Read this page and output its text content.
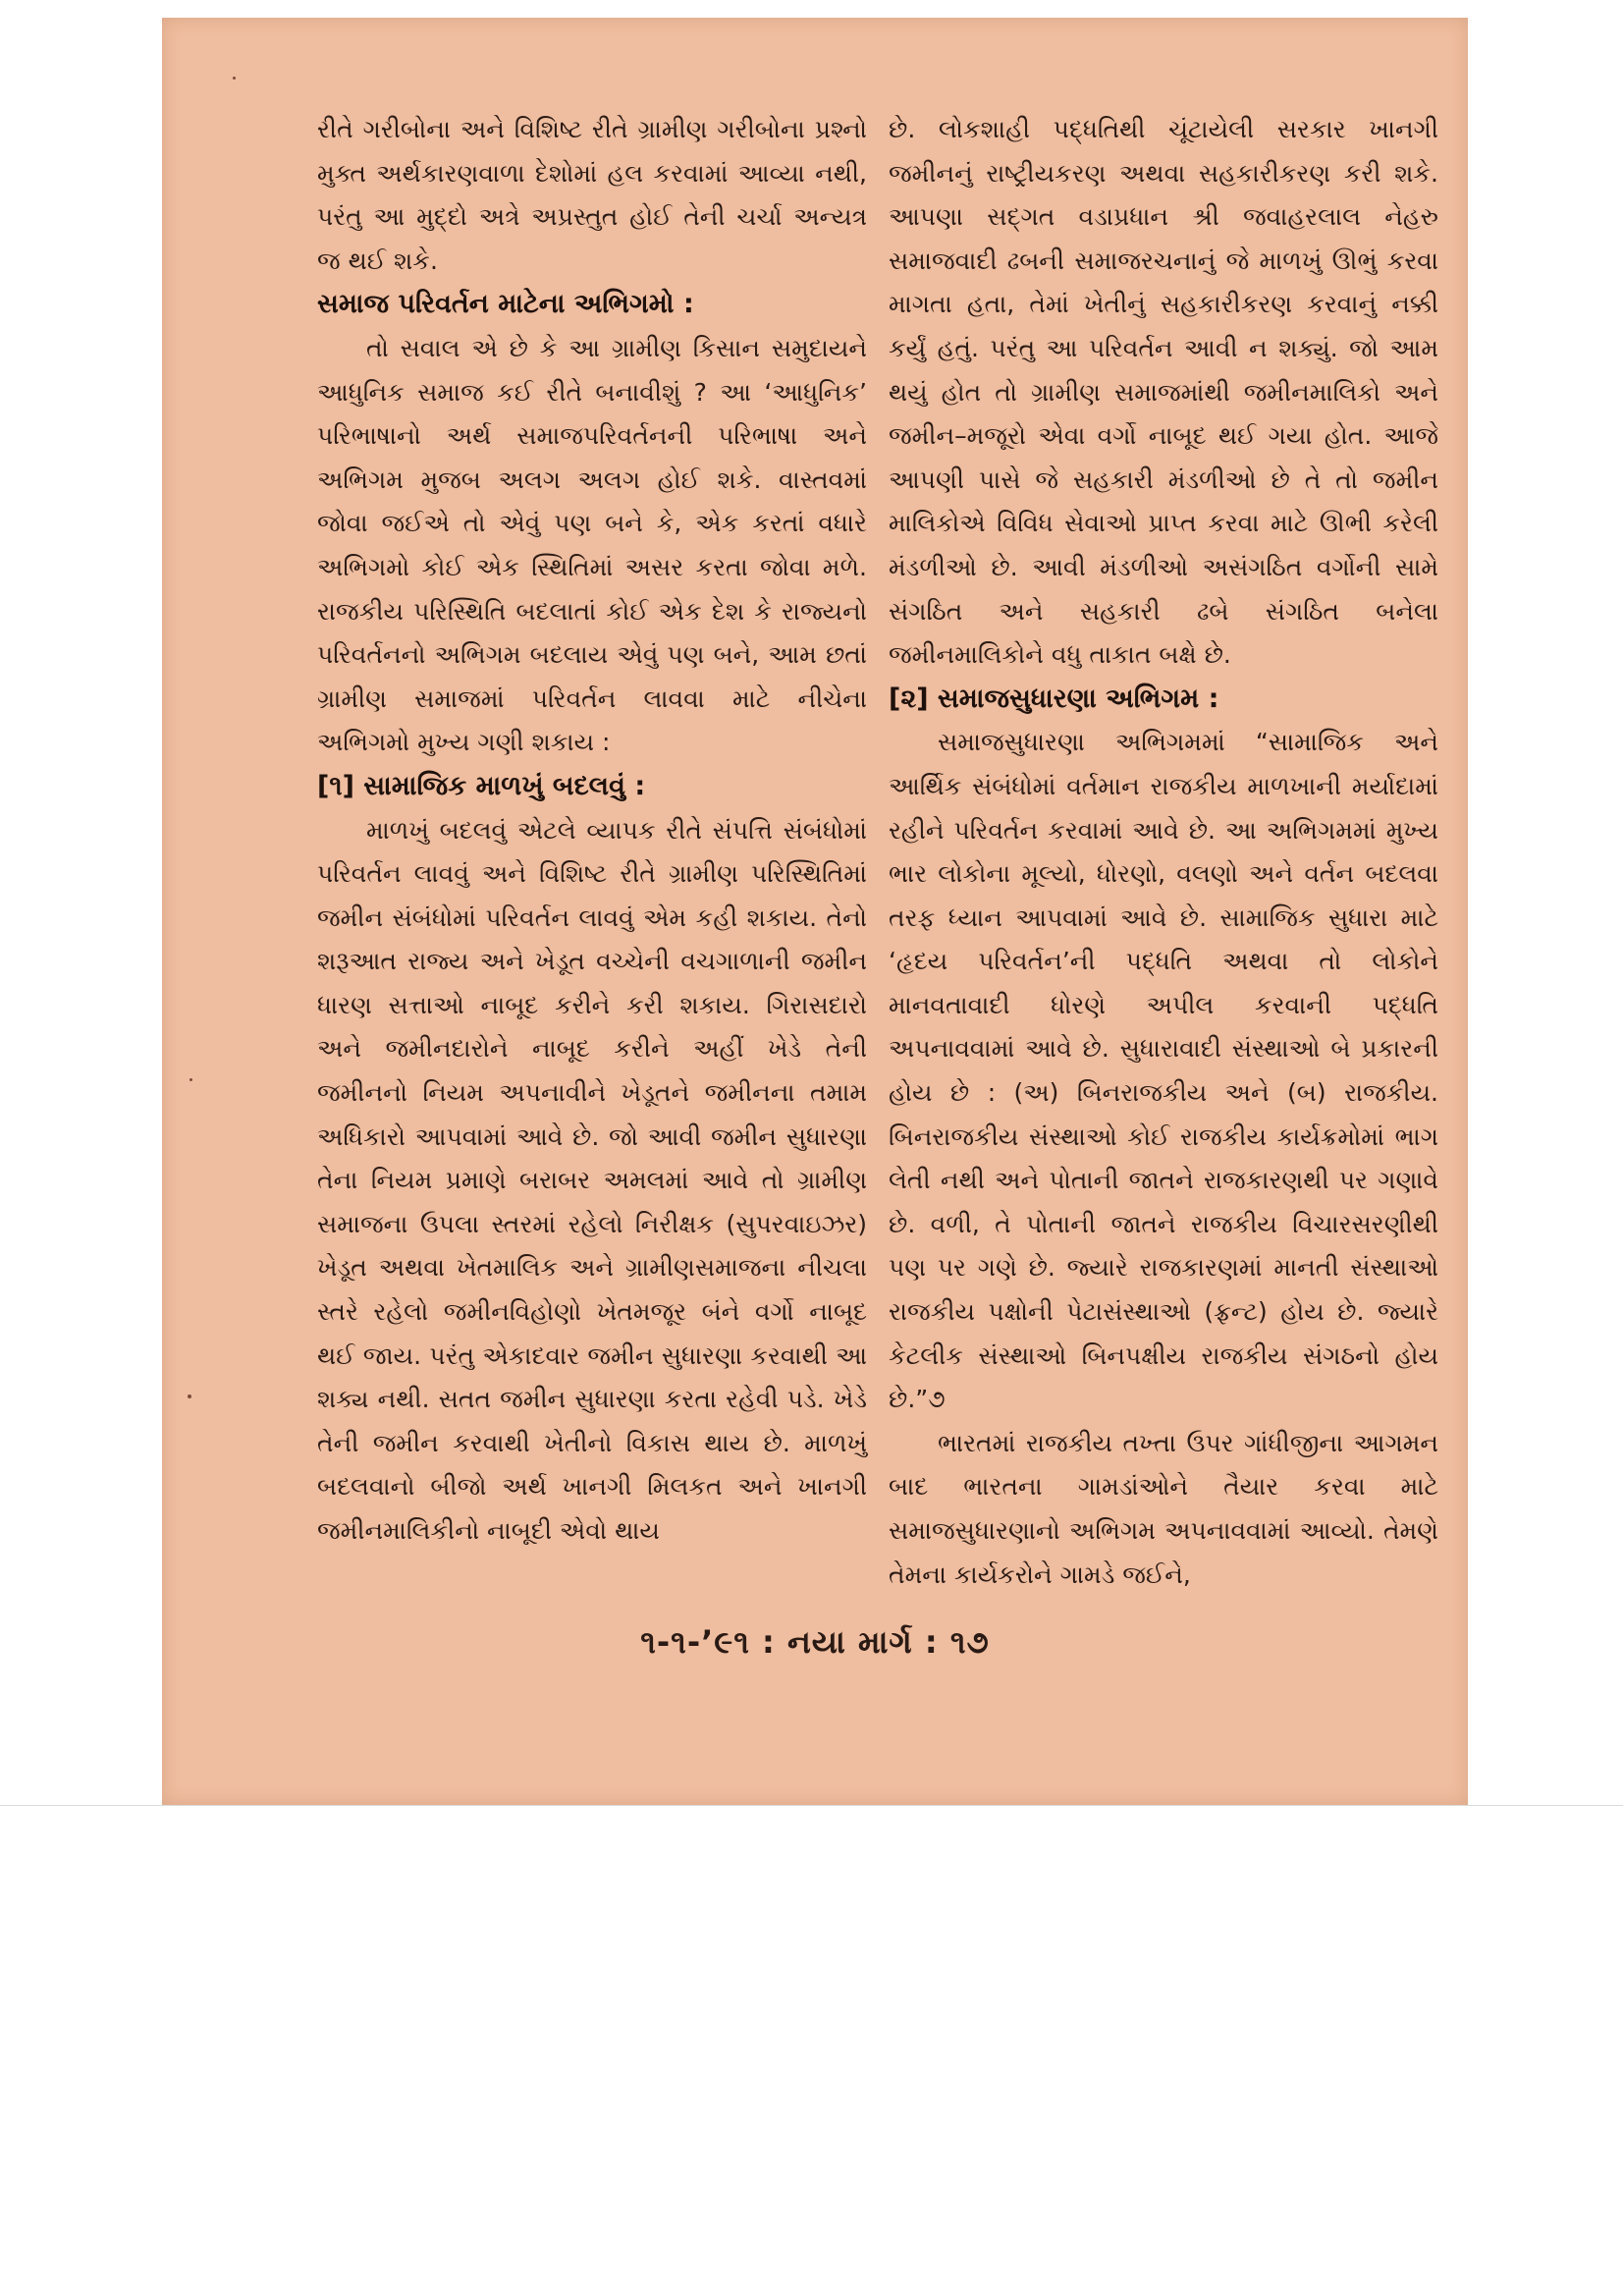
રીતે ગરીબોના અને વિશિષ્ટ રીતે ગ્રામીણ ગરીબોના પ્રશ્નો મુક્ત અર્થકારણવાળા દેશોમાં હલ કરવામાં આવ્યા નથી, પરંતુ આ મુદ્દો અત્રે અપ્રસ્તુત હોઈ તેની ચર્ચા અન્યત્ર જ થઈ શકે.

સમાજ પરિવર્તન માટેના અભિગમો :

તો સવાલ એ છે કે આ ગ્રામીણ કિસાન સમુદાયને આધુનિક સમાજ કઈ રીતે બનાવીશું ? આ ‘આધુનિક’ પરિભાષાનો અર્થ સમાજપરિવર્તનની પરિભાષા અને અભિગમ મુજબ અલગ અલગ હોઈ શકે. વાસ્તવમાં જોવા જઈએ તો એવું પણ બને કે, એક કરતાં વધારે અભિગમો કોઈ એક સ્થિતિમાં અસર કરતા જોવા મળે. રાજકીય પરિસ્થિતિ બદલાતાં કોઈ એક દેશ કે રાજ્યનો પરિવર્તનનો અભિગમ બદલાય એવું પણ બને, આમ છતાં ગ્રામીણ સમાજમાં પરિવર્તન લાવવા માટે નીચેના અભિગમો મુખ્ય ગણી શકાય :

[૧] સામાજિક માળખું બદલવું :

માળખું બદલવું એટલે વ્યાપક રીતે સંપત્તિ સંબંધોમાં પરિવર્તન લાવવું અને વિશિષ્ટ રીતે ગ્રામીણ પરિસ્થિતિમાં જમીન સંબંધોમાં પરિવર્તન લાવવું એમ કહી શકાય. તેનો શરૂઆત રાજ્ય અને ખેડૂત વચ્ચેની વચગાળાની જમીન ધારણ સત્તાઓ નાબૂદ કરીને કરી શકાય. ગિરાસદારો અને જમીનદારોને નાબૂદ કરીને અહીં ખેડે તેની જમીનનો નિયમ અપનાવીને ખેડૂતને જમીનના તમામ અધિકારો આપવામાં આવે છે. જો આવી જમીન સુધારણા તેના નિયમ પ્રમાણે બરાબર અમલમાં આવે તો ગ્રામીણ સમાજના ઉપલા સ્તરમાં રહેલો નિરીક્ષક (સુપરવાઇઝર) ખેડૂત અથવા ખેતમાલિક અને ગ્રામીણસમાજના નીચલા સ્તરે રહેલો જમીનવિહોણો ખેતમજૂર બંને વર્ગો નાબૂદ થઈ જાય. પરંતુ એકાદવાર જમીન સુધારણા કરવાથી આ શક્ય નથી. સતત જમીન સુધારણા કરતા રહેવી પડે. ખેડે તેની જમીન કરવાથી ખેતીનો વિકાસ થાય છે. માળખું બદલવાનો બીજો અર્થ ખાનગી મિલકત અને ખાનગી જમીનમાલિકીનો નાબૂદી એવો થાય

છે. લોકશાહી પદ્ધતિથી ચૂંટાયેલી સરકાર ખાનગી જમીનનું રાષ્ટ્રીયકરણ અથવા સહકારીકરણ કરી શકે. આપણા સદ્ગત વડાપ્રધાન શ્રી જવાહરલાલ નેહરુ સમાજવાદી ઢબની સમાજરચનાનું જે માળખું ઊભું કરવા માગતા હતા, તેમાં ખેતીનું સહકારીકરણ કરવાનું નક્કી કર્યું હતું. પરંતુ આ પરિવર્તન આવી ન શક્યું. જો આમ થયું હોત તો ગ્રામીણ સમાજમાંથી જમીનમાલિકો અને જમીન–મજૂરો એવા વર્ગો નાબૂદ થઈ ગયા હોત. આજે આપણી પાસે જે સહકારી મંડળીઓ છે તે તો જમીન માલિકોએ વિવિધ સેવાઓ પ્રાપ્ત કરવા માટે ઊભી કરેલી મંડળીઓ છે. આવી મંડળીઓ અસંગઠિત વર્ગોની સામે સંગઠિત અને સહકારી ઢબે સંગઠિત બનેલા જમીનમાલિકોને વધુ તાકાત બક્ષે છે.

[૨] સમાજસુધારણા અભિગમ :

સમાજસુધારણા અભિગમમાં “સામાજિક અને આર્થિક સંબંધોમાં વર્તમાન રાજકીય માળખાની મર્યાદામાં રહીને પરિવર્તન કરવામાં આવે છે. આ અભિગમમાં મુખ્ય ભાર લોકોના મૂલ્યો, ધોરણો, વલણો અને વર્તન બદલવા તરફ ધ્યાન આપવામાં આવે છે. સામાજિક સુધારા માટે ‘હૃદય પરિવર્તન’ની પદ્ધતિ અથવા તો લોકોને માનવતાવાદી ધોરણે અપીલ કરવાની પદ્ધતિ અપનાવવામાં આવે છે. સુધારાવાદી સંસ્થાઓ બે પ્રકારની હોય છે : (અ) બિનરાજકીય અને (બ) રાજકીય. બિનરાજકીય સંસ્થાઓ કોઈ રાજકીય કાર્યક્રમોમાં ભાગ લેતી નથી અને પોતાની જાતને રાજકારણથી પર ગણાવે છે. વળી, તે પોતાની જાતને રાજકીય વિચારસરણીથી પણ પર ગણે છે. જ્યારે રાજકારણમાં માનતી સંસ્થાઓ રાજકીય પક્ષોની પેટાસંસ્થાઓ (ફ્રન્ટ) હોય છે. જ્યારે કેટલીક સંસ્થાઓ બિનપક્ષીય રાજકીય સંગઠનો હોય છે.”૭

ભારતમાં રાજકીય તખ્તા ઉપર ગાંધીજીના આગમન બાદ ભારતના ગામડાંઓને તૈયાર કરવા માટે સમાજસુધારણાનો અભિગમ અપનાવવામાં આવ્યો. તેમણે તેમના કાર્યકરોને ગામડે જઈને,

૧-૧-’૯૧ : નયા માર્ગ : ૧૭
